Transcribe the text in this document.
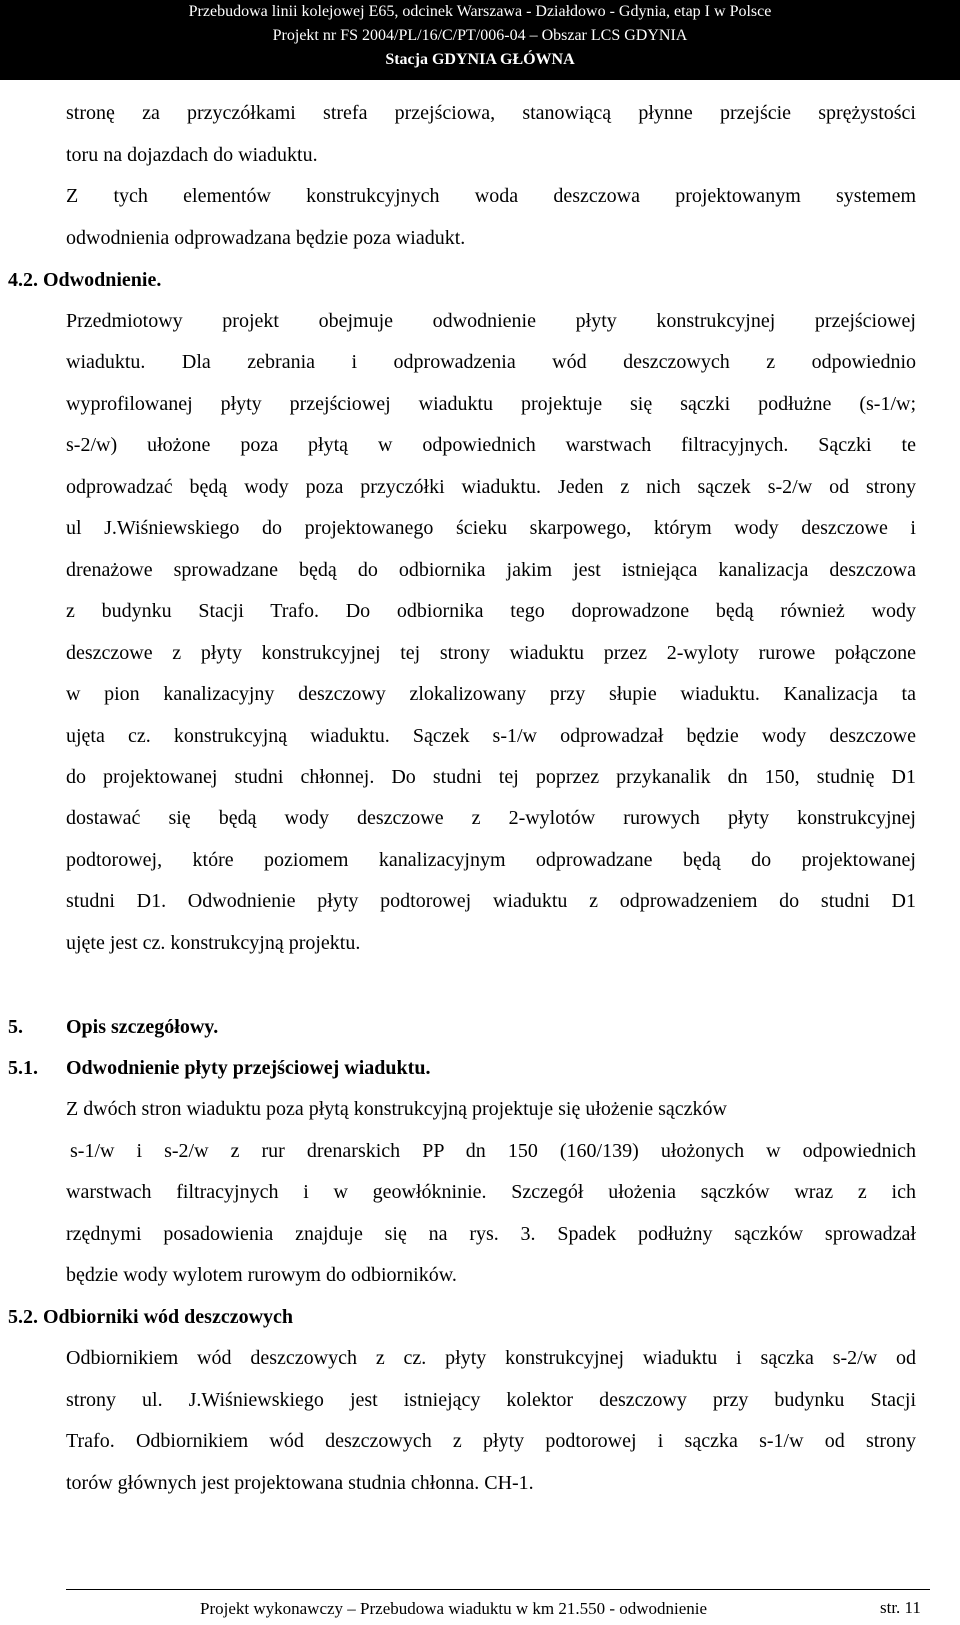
Przebudowa linii kolejowej E65, odcinek Warszawa - Działdowo - Gdynia, etap I w Polsce
Projekt nr FS 2004/PL/16/C/PT/006-04 – Obszar LCS GDYNIA
Stacja GDYNIA GŁÓWNA
stronę za przyczółkami strefa przejściowa, stanowiącą płynne przejście sprężystości
toru na dojazdach do wiaduktu.
Z tych elementów konstrukcyjnych woda deszczowa projektowanym systemem
odwodnienia odprowadzana będzie poza wiadukt.
4.2. Odwodnienie.
Przedmiotowy projekt obejmuje odwodnienie płyty konstrukcyjnej przejściowej
wiaduktu. Dla zebrania i odprowadzenia wód deszczowych z odpowiednio
wyprofilowanej płyty przejściowej wiaduktu projektuje się sączki podłużne (s-1/w;
s-2/w) ułożone poza płytą w odpowiednich warstwach filtracyjnych. Sączki te
odprowadzać będą wody poza przyczółki wiaduktu. Jeden z nich sączek s-2/w od strony
ul J.Wiśniewskiego do projektowanego ścieku skarpowego, którym wody deszczowe i
drenażowe sprowadzane będą do odbiornika jakim jest istniejąca kanalizacja deszczowa
z budynku Stacji Trafo. Do odbiornika tego doprowadzone będą również wody
deszczowe z płyty konstrukcyjnej tej strony wiaduktu przez 2-wyloty rurowe połączone
w pion kanalizacyjny deszczowy zlokalizowany przy słupie wiaduktu. Kanalizacja ta
ujęta cz. konstrukcyjną wiaduktu. Sączek s-1/w odprowadzał będzie wody deszczowe
do projektowanej studni chłonnej. Do studni tej poprzez przykanalik dn 150, studnię D1
dostawać się będą wody deszczowe z 2-wylotów rurowych płyty konstrukcyjnej
podtorowej, które poziomem kanalizacyjnym odprowadzane będą do projektowanej
studni D1. Odwodnienie płyty podtorowej wiaduktu z odprowadzeniem do studni D1
ujęte jest cz. konstrukcyjną projektu.
5. Opis szczegółowy.
5.1. Odwodnienie płyty przejściowej wiaduktu.
Z dwóch stron wiaduktu poza płytą konstrukcyjną projektuje się ułożenie sączków
s-1/w i s-2/w z rur drenarskich PP dn 150 (160/139) ułożonych w odpowiednich
warstwach filtracyjnych i w geowłókninie. Szczegół ułożenia sączków wraz z ich
rzędnymi posadowienia znajduje się na rys. 3. Spadek podłużny sączków sprowadzał
będzie wody wylotem rurowym do odbiorników.
5.2. Odbiorniki wód deszczowych
Odbiornikiem wód deszczowych z cz. płyty konstrukcyjnej wiaduktu i sączka s-2/w od
strony ul. J.Wiśniewskiego jest istniejący kolektor deszczowy przy budynku Stacji
Trafo. Odbiornikiem wód deszczowych z płyty podtorowej i sączka s-1/w od strony
torów głównych jest projektowana studnia chłonna. CH-1.
Projekt wykonawczy – Przebudowa wiaduktu w km 21.550 - odwodnienie	str. 11
